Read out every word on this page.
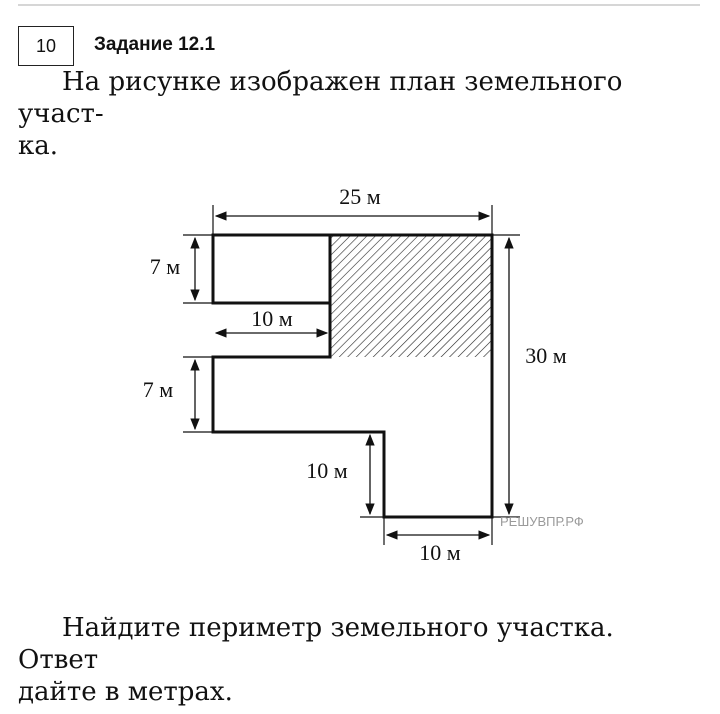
10 Задание 12.1
На рисунке изображен план земельного участ-
ка.
25 м
7 м
10 м
7 м
10 м
30 м
10 м
РЕШУВПР.РФ
Найдите периметр земельного участка. Ответ
дайте в метрах.
